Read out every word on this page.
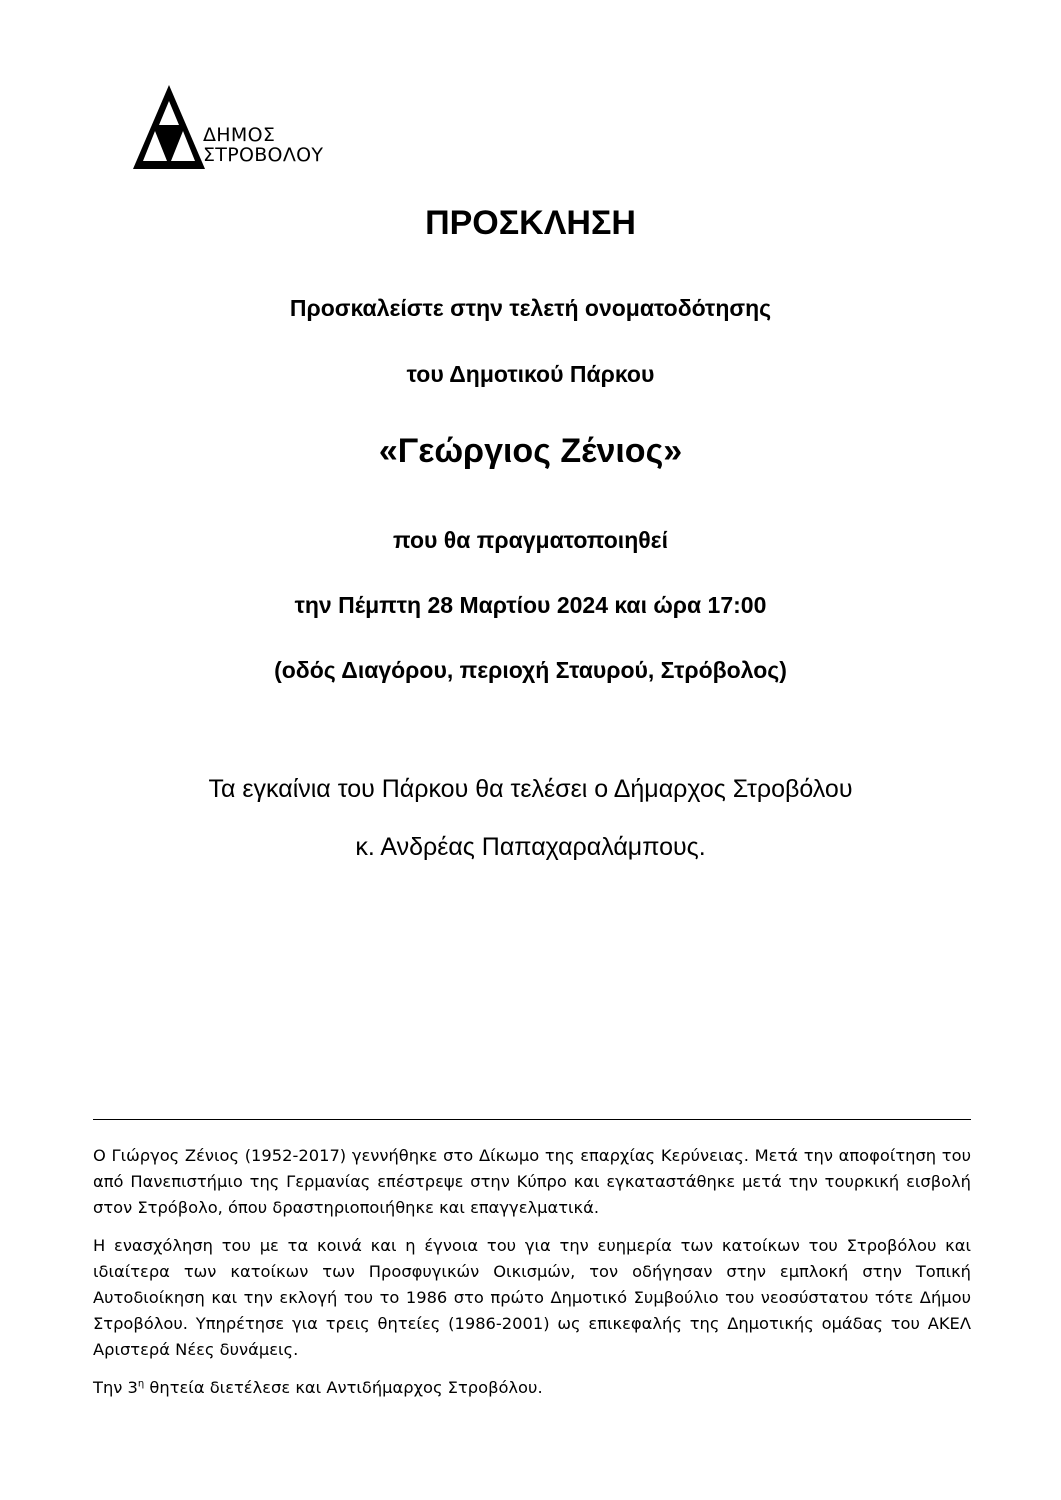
ΔΗΜΟΣ
ΣΤΡΟΒΟΛΟΥ
ΠΡΟΣΚΛΗΣΗ
Προσκαλείστε στην τελετή ονοματοδότησης
του Δημοτικού Πάρκου
«Γεώργιος Ζένιος»
που θα πραγματοποιηθεί
την Πέμπτη 28 Μαρτίου 2024 και ώρα 17:00
(οδός Διαγόρου, περιοχή Σταυρού, Στρόβολος)
Τα εγκαίνια του Πάρκου θα τελέσει ο Δήμαρχος Στροβόλου
κ. Ανδρέας Παπαχαραλάμπους.

Ο Γιώργος Ζένιος (1952-2017) γεννήθηκε στο Δίκωμο της επαρχίας Κερύνειας. Μετά την αποφοίτηση του από Πανεπιστήμιο της Γερμανίας επέστρεψε στην Κύπρο και εγκαταστάθηκε μετά την τουρκική εισβολή στον Στρόβολο, όπου δραστηριοποιήθηκε και επαγγελματικά.

Η ενασχόληση του με τα κοινά και η έγνοια του για την ευημερία των κατοίκων του Στροβόλου και ιδιαίτερα των κατοίκων των Προσφυγικών Οικισμών, τον οδήγησαν στην εμπλοκή στην Τοπική Αυτοδιοίκηση και την εκλογή του το 1986 στο πρώτο Δημοτικό Συμβούλιο του νεοσύστατου τότε Δήμου Στροβόλου. Υπηρέτησε για τρεις θητείες (1986-2001) ως επικεφαλής της Δημοτικής ομάδας του ΑΚΕΛ Αριστερά Νέες δυνάμεις.

Την $3^\eta$ θητεία διετέλεσε και Αντιδήμαρχος Στροβόλου.
